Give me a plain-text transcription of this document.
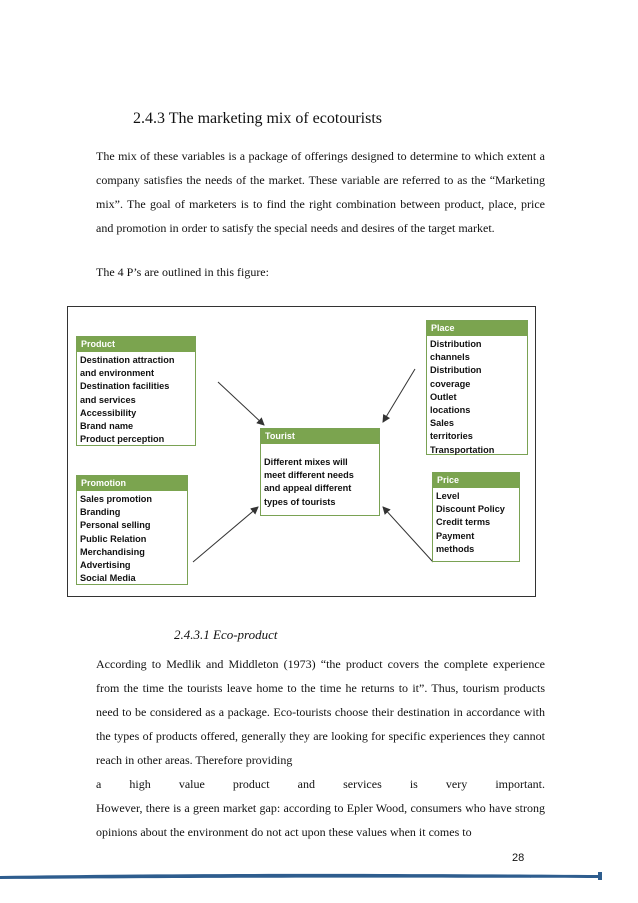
2.4.3 The marketing mix of ecotourists

The mix of these variables is a package of offerings designed to determine to which extent a company satisfies the needs of the market. These variable are referred to as the “Marketing mix”. The goal of marketers is to find the right combination between product, place, price and promotion in order to satisfy the special needs and desires of the target market.

The 4 P’s are outlined in this figure:

Product
Destination attraction
and environment
Destination facilities
and services
Accessibility
Brand name
Product perception
Place
Distribution
channels
Distribution
coverage
Outlet
locations
Sales
territories
Transportation
Tourist
Different mixes will
meet different needs
and appeal different
types of tourists
Promotion
Sales promotion
Branding
Personal selling
Public Relation
Merchandising
Advertising
Social Media
Price
Level
Discount Policy
Credit terms
Payment
methods
2.4.3.1 Eco-product
According to Medlik and Middleton (1973) “the product covers the complete experience from the time the tourists leave home to the time he returns to it”. Thus, tourism products need to be considered as a package. Eco-tourists choose their destination in accordance with the types of products offered, generally they are looking for specific experiences they cannot reach in other areas. Therefore providing
a high value product and services is very important.
However, there is a green market gap: according to Epler Wood, consumers who have strong opinions about the environment do not act upon these values when it comes to
28
